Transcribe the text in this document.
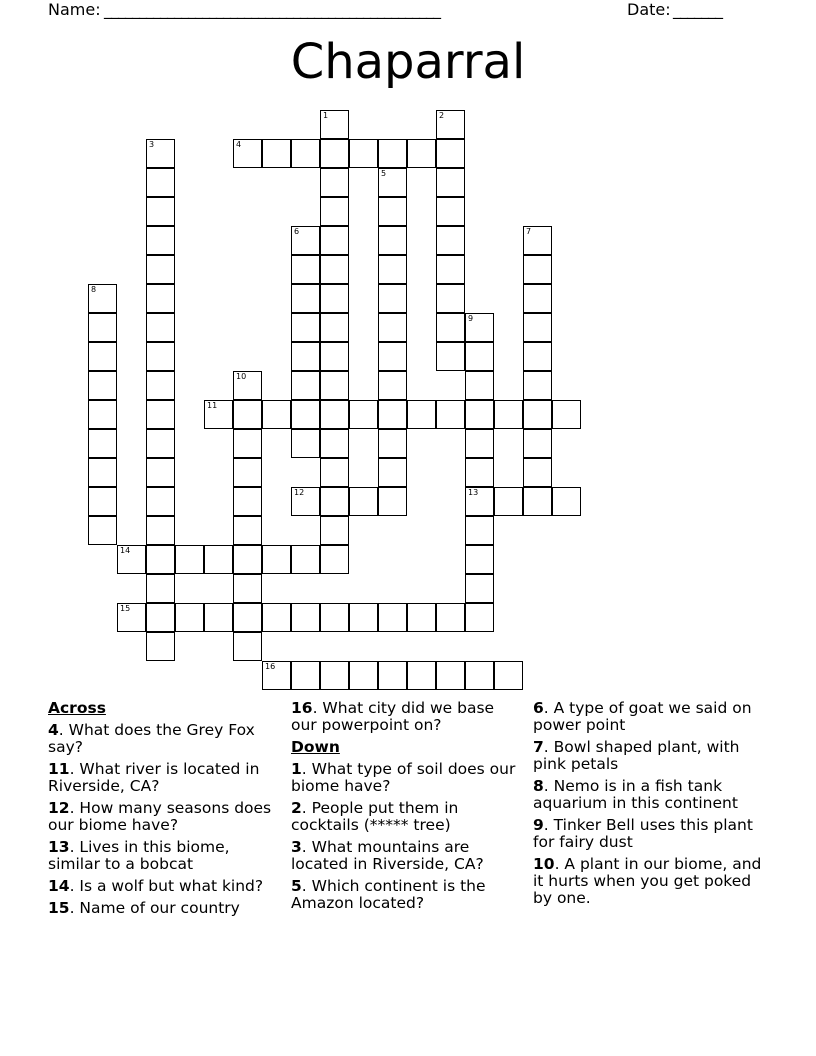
Name: ________________________________________________	Date: _______
Chaparral
1	2
3	4
5
6	7
8
9
13
10
11
12
14
15
16
Across
4. What does the Grey Fox say?
11. What river is located in Riverside, CA?
12. How many seasons does our biome have?
13. Lives in this biome, similar to a bobcat
14. Is a wolf but what kind?
15. Name of our country
16. What city did we base our powerpoint on?
Down
1. What type of soil does our biome have?
2. People put them in cocktails (***** tree)
3. What mountains are located in Riverside, CA?
5. Which continent is the Amazon located?
6. A type of goat we said on power point
7. Bowl shaped plant, with pink petals
8. Nemo is in a fish tank aquarium in this continent
9. Tinker Bell uses this plant for fairy dust
10. A plant in our biome, and it hurts when you get poked by one.
